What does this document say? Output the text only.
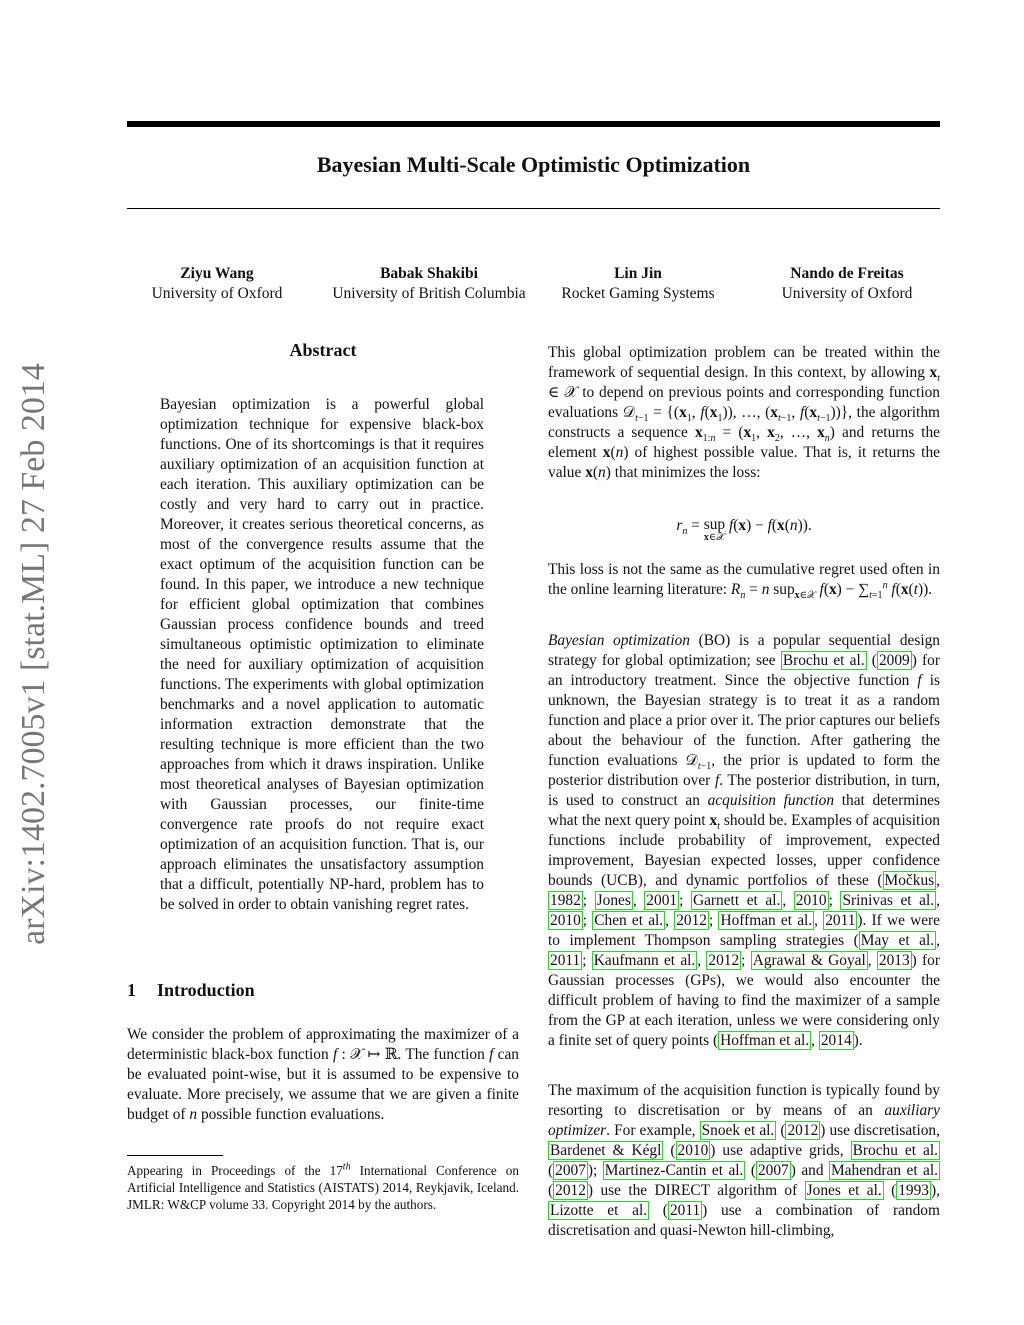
Bayesian Multi-Scale Optimistic Optimization
arXiv:1402.7005v1 [stat.ML] 27 Feb 2014
Ziyu Wang
University of Oxford
Babak Shakibi
University of British Columbia
Lin Jin
Rocket Gaming Systems
Nando de Freitas
University of Oxford
Abstract
Bayesian optimization is a powerful global optimization technique for expensive black-box functions. One of its shortcomings is that it requires auxiliary optimization of an acquisition function at each iteration. This auxiliary optimization can be costly and very hard to carry out in practice. Moreover, it creates serious theoretical concerns, as most of the convergence results assume that the exact optimum of the acquisition function can be found. In this paper, we introduce a new technique for efficient global optimization that combines Gaussian process confidence bounds and treed simultaneous optimistic optimization to eliminate the need for auxiliary optimization of acquisition functions. The experiments with global optimization benchmarks and a novel application to automatic information extraction demonstrate that the resulting technique is more efficient than the two approaches from which it draws inspiration. Unlike most theoretical analyses of Bayesian optimization with Gaussian processes, our finite-time convergence rate proofs do not require exact optimization of an acquisition function. That is, our approach eliminates the unsatisfactory assumption that a difficult, potentially NP-hard, problem has to be solved in order to obtain vanishing regret rates.
1 Introduction
We consider the problem of approximating the maximizer of a deterministic black-box function f : 𝒳 ↦ ℝ. The function f can be evaluated point-wise, but it is assumed to be expensive to evaluate. More precisely, we assume that we are given a finite budget of n possible function evaluations.
Appearing in Proceedings of the 17th International Conference on Artificial Intelligence and Statistics (AISTATS) 2014, Reykjavik, Iceland. JMLR: W&CP volume 33. Copyright 2014 by the authors.
This global optimization problem can be treated within the framework of sequential design. In this context, by allowing $x_t$ ∈ 𝒳 to depend on previous points and corresponding function evaluations 𝒟$_{t-1}$ = {($x_1$, $f(x_1)$), …, ($x_{t-1}$, $f(x_{t-1})$)}, the algorithm constructs a sequence $x_{1:n} = (x_1$, $x_2$, …, $x_n$) and returns the element x(n) of highest possible value. That is, it returns the value x(n) that minimizes the loss:
$r_n$ = sup
x∈𝒳
f(x) − f(x(n)).
This loss is not the same as the cumulative regret used often in the online learning literature: $R_n = n$ sup$_{x\in 𝒳}$ $f(x) - \sum_{t=1}^n$ f(x(t)).
Bayesian optimization (BO) is a popular sequential design strategy for global optimization; see Brochu et al. ( 2009 ) for an introductory treatment. Since the objective function f is unknown, the Bayesian strategy is to treat it as a random function and place a prior over it. The prior captures our beliefs about the behaviour of the function. After gathering the function evaluations 𝒟$_{t-1}$, the prior is updated to form the posterior distribution over f. The posterior distribution, in turn, is used to construct an acquisition function that determines what the next query point $x_t$ should be. Examples of acquisition functions include probability of improvement, expected improvement, Bayesian expected losses, upper confidence bounds (UCB), and dynamic portfolios of these ( Močkus , 1982 ; Jones , 2001 ; Garnett et al. , 2010 ; Srinivas et al. , 2010 ; Chen et al. , 2012 ; Hoffman et al. , 2011 ). If we were to implement Thompson sampling strategies ( May et al. , 2011 ; Kaufmann et al. , 2012 ; Agrawal & Goyal , 2013 ) for Gaussian processes (GPs), we would also encounter the difficult problem of having to find the maximizer of a sample from the GP at each iteration, unless we were considering only a finite set of query points ( Hoffman et al. , 2014 ).
The maximum of the acquisition function is typically found by resorting to discretisation or by means of an auxiliary optimizer. For example, Snoek et al. ( 2012 ) use discretisation, Bardenet & Kégl ( 2010 ) use adaptive grids, Brochu et al. ( 2007 ); Martinez-Cantin et al. ( 2007 ) and Mahendran et al. ( 2012 ) use the DIRECT algorithm of Jones et al. ( 1993 ), Lizotte et al. ( 2011 ) use a combination of random discretisation and quasi-Newton hill-climbing,
